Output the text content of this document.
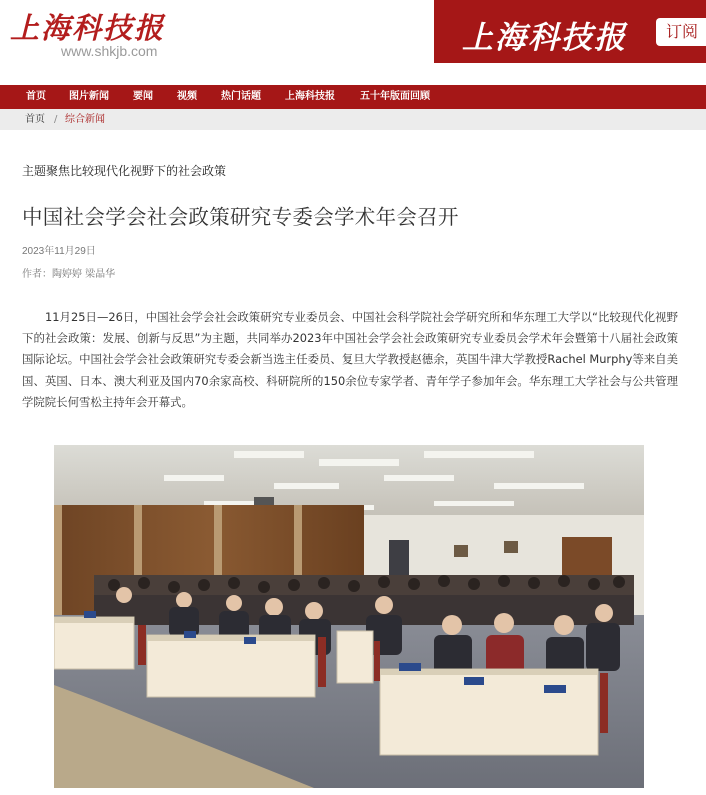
上海科技报
www.shkjb.com	上海科技报	订阅
首页 图片新闻 要闻 视频 热门话题 上海科技报	五十年版面回顾
首页 / 综合新闻
主题聚焦比较现代化视野下的社会政策
中国社会学会社会政策研究专委会学术年会召开
2023年11月29日
作者：陶婷婷 梁晶华

11月25日—26日，中国社会学会社会政策研究专业委员会、中国社会科学院社会学研究所和华东理工大学以“比较现代化视野下的社会政策：发展、创新与反思”为主题，共同举办2023年中国社会学会社会政策研究专业委员会学术年会暨第十八届社会政策国际论坛。中国社会学会社会政策研究专委会新当选主任委员、复旦大学教授赵德余，英国牛津大学教授Rachel Murphy等来自美国、英国、日本、澳大利亚及国内70余家高校、科研院所的150余位专家学者、青年学子参加年会。华东理工大学社会与公共管理学院院长何雪松主持年会开幕式。
